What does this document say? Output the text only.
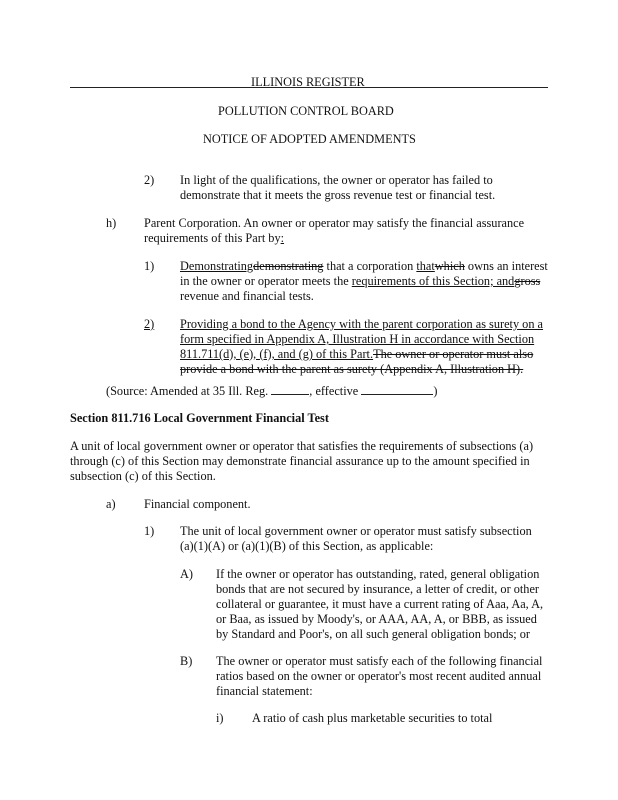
ILLINOIS REGISTER
POLLUTION CONTROL BOARD
NOTICE OF ADOPTED AMENDMENTS
2) In light of the qualifications, the owner or operator has failed to
demonstrate that it meets the gross revenue test or financial test.
h) Parent Corporation. An owner or operator may satisfy the financial assurance
requirements of this Part by:
1) Demonstratingdemonstrating that a corporation thatwhich owns an interest
in the owner or operator meets the requirements of this Section; andgross
revenue and financial tests.
2) Providing a bond to the Agency with the parent corporation as surety on a
form specified in Appendix A, Illustration H in accordance with Section
811.711(d), (e), (f), and (g) of this Part.The owner or operator must also
provide a bond with the parent as surety (Appendix A, Illustration H).
(Source: Amended at 35 Ill. Reg.	, effective	)
Section 811.716 Local Government Financial Test
A unit of local government owner or operator that satisfies the requirements of subsections (a)
through (c) of this Section may demonstrate financial assurance up to the amount specified in
subsection (c) of this Section.
a) Financial component.
1) The unit of local government owner or operator must satisfy subsection
(a)(1)(A) or (a)(1)(B) of this Section, as applicable:
A) If the owner or operator has outstanding, rated, general obligation
bonds that are not secured by insurance, a letter of credit, or other
collateral or guarantee, it must have a current rating of Aaa, Aa, A,
or Baa, as issued by Moody's, or AAA, AA, A, or BBB, as issued
by Standard and Poor's, on all such general obligation bonds; or
B) The owner or operator must satisfy each of the following financial
ratios based on the owner or operator's most recent audited annual
financial statement:
i) A ratio of cash plus marketable securities to total
